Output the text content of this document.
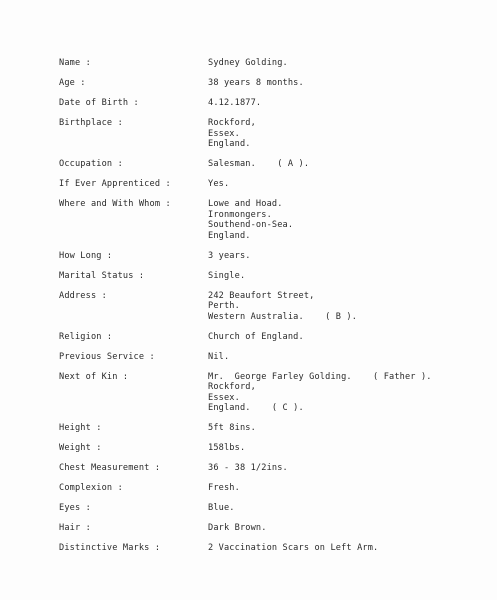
Name :	Sydney Golding.
Age :	38 years 8 months.
Date of Birth :	4.12.1877.
Birthplace :	Rockford,
Essex.
England.
Occupation :	Salesman.    ( A ).
If Ever Apprenticed :	Yes.
Where and With Whom :	Lowe and Hoad.
Ironmongers.
Southend-on-Sea.
England.
How Long :	3 years.
Marital Status :	Single.
Address :	242 Beaufort Street,
Perth.
Western Australia.    ( B ).
Religion :	Church of England.
Previous Service :	Nil.
Next of Kin :	Mr.  George Farley Golding.    ( Father ).
Rockford,
Essex.
England.    ( C ).
Height :	5ft 8ins.
Weight :	158lbs.
Chest Measurement :	36 - 38 1/2ins.
Complexion :	Fresh.
Eyes :	Blue.
Hair :	Dark Brown.
Distinctive Marks :	2 Vaccination Scars on Left Arm.
